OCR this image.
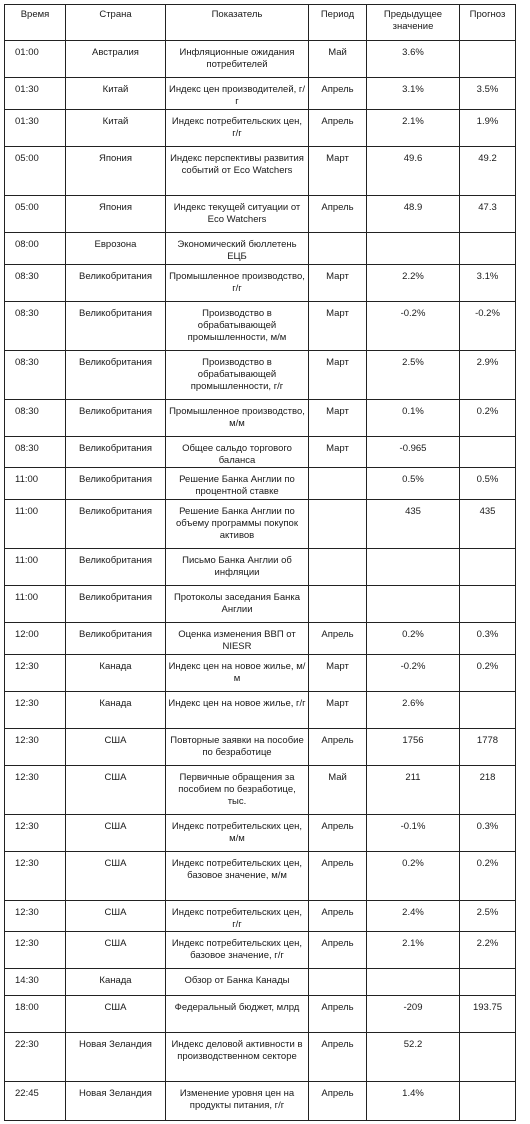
Время	Страна	Показатель	Период	Предыдущее значение	Прогноз
01:00	Австралия	Инфляционные ожидания потребителей	Май	3.6%	
01:30	Китай	Индекс цен производителей, г/г	Апрель	3.1%	3.5%
01:30	Китай	Индекс потребительских цен, г/г	Апрель	2.1%	1.9%
05:00	Япония	Индекс перспективы развития событий от Eco Watchers	Март	49.6	49.2
05:00	Япония	Индекс текущей ситуации от Eco Watchers	Апрель	48.9	47.3
08:00	Еврозона	Экономический бюллетень ЕЦБ			
08:30	Великобритания	Промышленное производство, г/г	Март	2.2%	3.1%
08:30	Великобритания	Производство в обрабатывающей промышленности, м/м	Март	-0.2%	-0.2%
08:30	Великобритания	Производство в обрабатывающей промышленности, г/г	Март	2.5%	2.9%
08:30	Великобритания	Промышленное производство, м/м	Март	0.1%	0.2%
08:30	Великобритания	Общее сальдо торгового баланса	Март	-0.965	
11:00	Великобритания	Решение Банка Англии по процентной ставке		0.5%	0.5%
11:00	Великобритания	Решение Банка Англии по объему программы покупок активов		435	435
11:00	Великобритания	Письмо Банка Англии об инфляции			
11:00	Великобритания	Протоколы заседания Банка Англии			
12:00	Великобритания	Оценка изменения ВВП от NIESR	Апрель	0.2%	0.3%
12:30	Канада	Индекс цен на новое жилье, м/м	Март	-0.2%	0.2%
12:30	Канада	Индекс цен на новое жилье, г/г	Март	2.6%	
12:30	США	Повторные заявки на пособие по безработице	Апрель	1756	1778
12:30	США	Первичные обращения за пособием по безработице, тыс.	Май	211	218
12:30	США	Индекс потребительских цен, м/м	Апрель	-0.1%	0.3%
12:30	США	Индекс потребительских цен, базовое значение, м/м	Апрель	0.2%	0.2%
12:30	США	Индекс потребительских цен, г/г	Апрель	2.4%	2.5%
12:30	США	Индекс потребительских цен, базовое значение, г/г	Апрель	2.1%	2.2%
14:30	Канада	Обзор от Банка Канады			
18:00	США	Федеральный бюджет, млрд	Апрель	-209	193.75
22:30	Новая Зеландия	Индекс деловой активности в производственном секторе	Апрель	52.2	
22:45	Новая Зеландия	Изменение уровня цен на продукты питания, г/г	Апрель	1.4%	
